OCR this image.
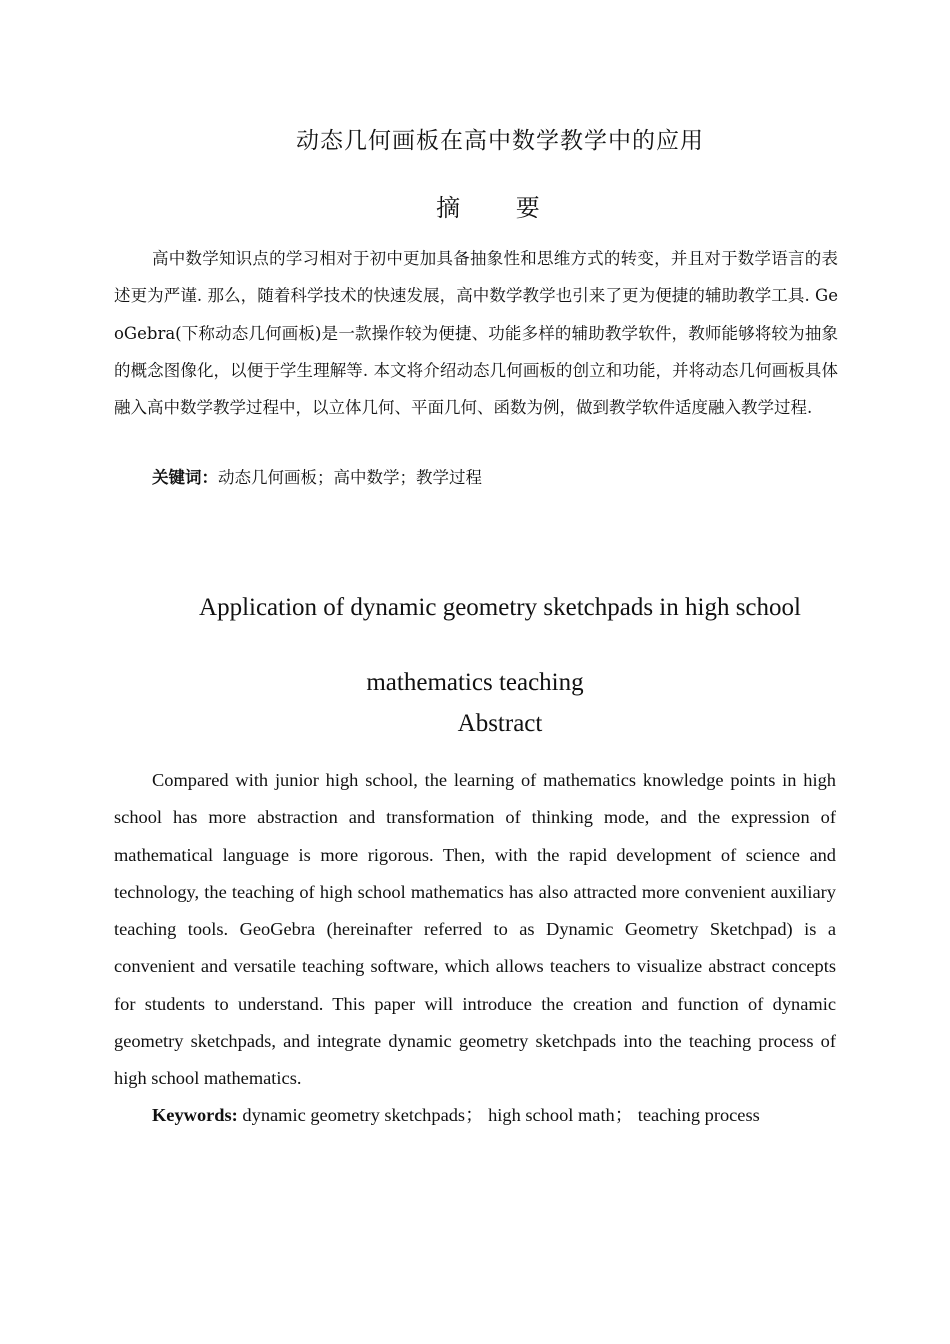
动态几何画板在高中数学教学中的应用
摘 要

高中数学知识点的学习相对于初中更加具备抽象性和思维方式的转变，并且对于数学语言的表述更为严谨. 那么，随着科学技术的快速发展，高中数学教学也引来了更为便捷的辅助教学工具. GeoGebra(下称动态几何画板)是一款操作较为便捷、功能多样的辅助教学软件，教师能够将较为抽象的概念图像化，以便于学生理解等. 本文将介绍动态几何画板的创立和功能，并将动态几何画板具体融入高中数学教学过程中，以立体几何、平面几何、函数为例，做到教学软件适度融入教学过程.

关键词：动态几何画板；高中数学；教学过程

Application of dynamic geometry sketchpads in high school
mathematics teaching
Abstract

Compared with junior high school, the learning of mathematics knowledge points in high school has more abstraction and transformation of thinking mode, and the expression of mathematical language is more rigorous. Then, with the rapid development of science and technology, the teaching of high school mathematics has also attracted more convenient auxiliary teaching tools. GeoGebra (hereinafter referred to as Dynamic Geometry Sketchpad) is a convenient and versatile teaching software, which allows teachers to visualize abstract concepts for students to understand. This paper will introduce the creation and function of dynamic geometry sketchpads, and integrate dynamic geometry sketchpads into the teaching process of high school mathematics.

Keywords: dynamic geometry sketchpads； high school math； teaching process
